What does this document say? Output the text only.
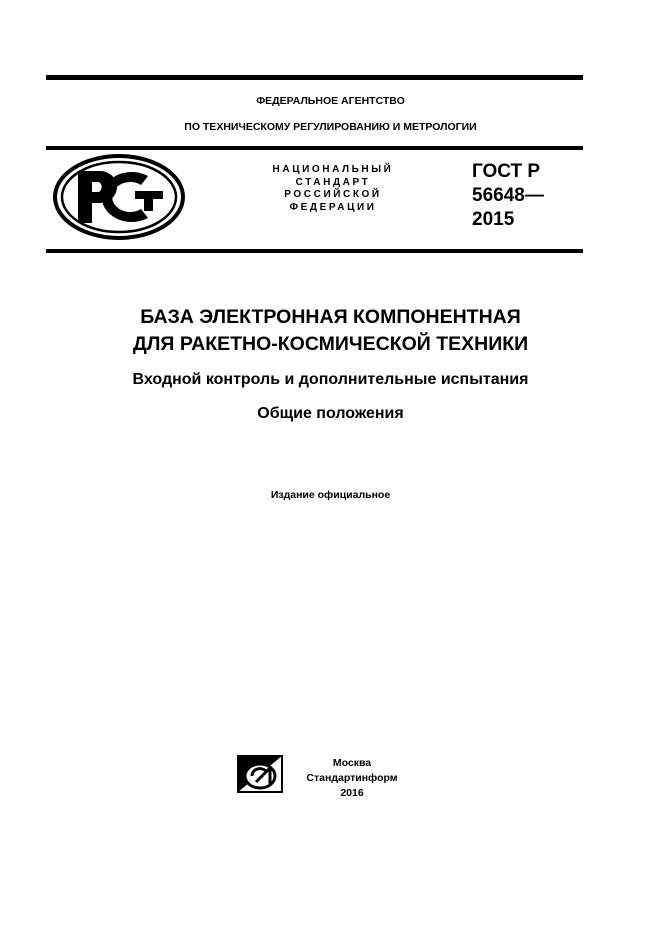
ФЕДЕРАЛЬНОЕ АГЕНТСТВО
ПО ТЕХНИЧЕСКОМУ РЕГУЛИРОВАНИЮ И МЕТРОЛОГИИ
НАЦИОНАЛЬНЫЙ
СТАНДАРТ
РОССИЙСКОЙ
ФЕДЕРАЦИИ
ГОСТ Р
56648—
2015
БАЗА ЭЛЕКТРОННАЯ КОМПОНЕНТНАЯ
ДЛЯ РАКЕТНО-КОСМИЧЕСКОЙ ТЕХНИКИ
Входной контроль и дополнительные испытания
Общие положения
Издание официальное
Москва
Стандартинформ
2016
